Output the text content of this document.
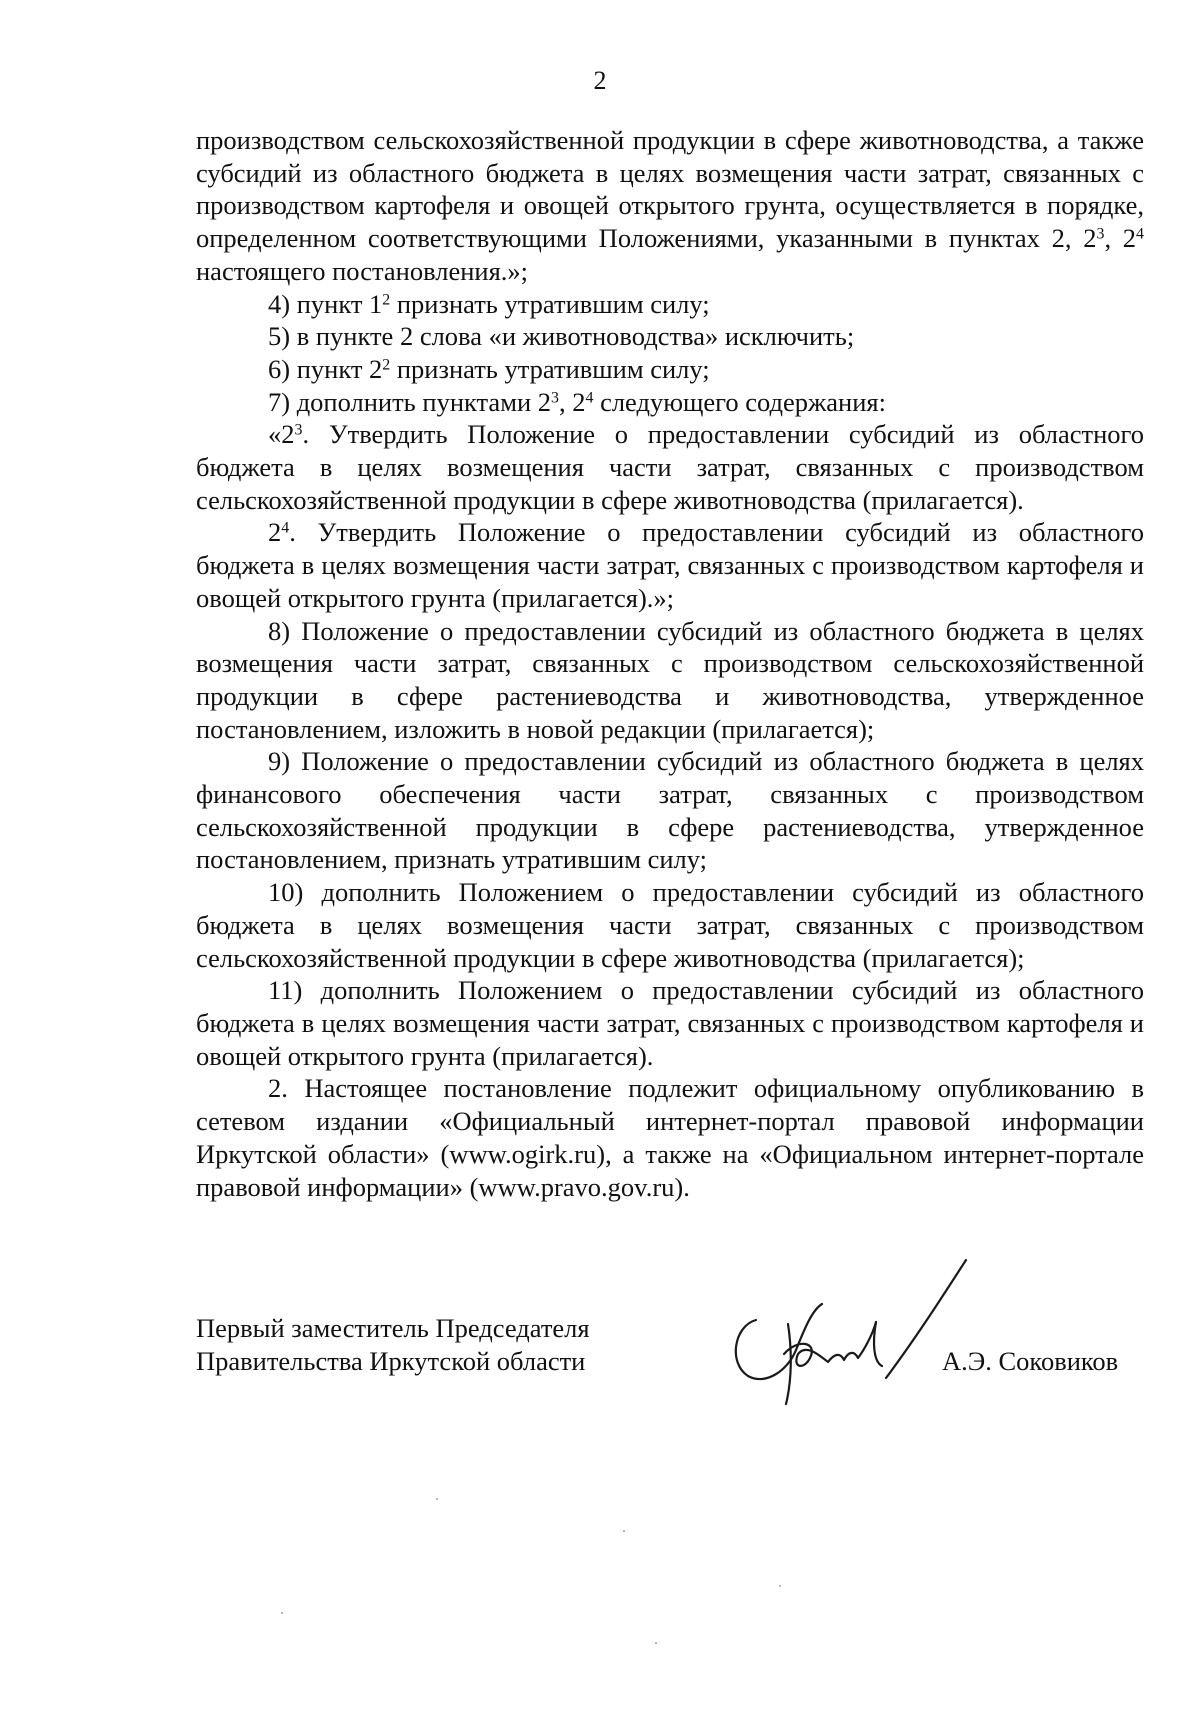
2

производством сельскохозяйственной продукции в сфере животноводства, а также субсидий из областного бюджета в целях возмещения части затрат, связанных с производством картофеля и овощей открытого грунта, осуществляется в порядке, определенном соответствующими Положениями, указанными в пунктах 2, $2^3$, $2^4$ настоящего постановления.»;

4) пункт $1^2$ признать утратившим силу;

5) в пункте 2 слова «и животноводства» исключить;

6) пункт $2^2$ признать утратившим силу;

7) дополнить пунктами $2^3$, $2^4$ следующего содержания:

«$2^3$. Утвердить Положение о предоставлении субсидий из областного бюджета в целях возмещения части затрат, связанных с производством сельскохозяйственной продукции в сфере животноводства (прилагается).

$2^4$. Утвердить Положение о предоставлении субсидий из областного бюджета в целях возмещения части затрат, связанных с производством картофеля и овощей открытого грунта (прилагается).»;

8) Положение о предоставлении субсидий из областного бюджета в целях возмещения части затрат, связанных с производством сельскохозяйственной продукции в сфере растениеводства и животноводства, утвержденное постановлением, изложить в новой редакции (прилагается);

9) Положение о предоставлении субсидий из областного бюджета в целях финансового обеспечения части затрат, связанных с производством сельскохозяйственной продукции в сфере растениеводства, утвержденное постановлением, признать утратившим силу;

10) дополнить Положением о предоставлении субсидий из областного бюджета в целях возмещения части затрат, связанных с производством сельскохозяйственной продукции в сфере животноводства (прилагается);

11) дополнить Положением о предоставлении субсидий из областного бюджета в целях возмещения части затрат, связанных с производством картофеля и овощей открытого грунта (прилагается).

2. Настоящее постановление подлежит официальному опубликованию в сетевом издании «Официальный интернет-портал правовой информации Иркутской области» (www.ogirk.ru), а также на «Официальном интернет-портале правовой информации» (www.pravo.gov.ru).

Первый заместитель Председателя
Правительства Иркутской области	А.Э. Соковиков
